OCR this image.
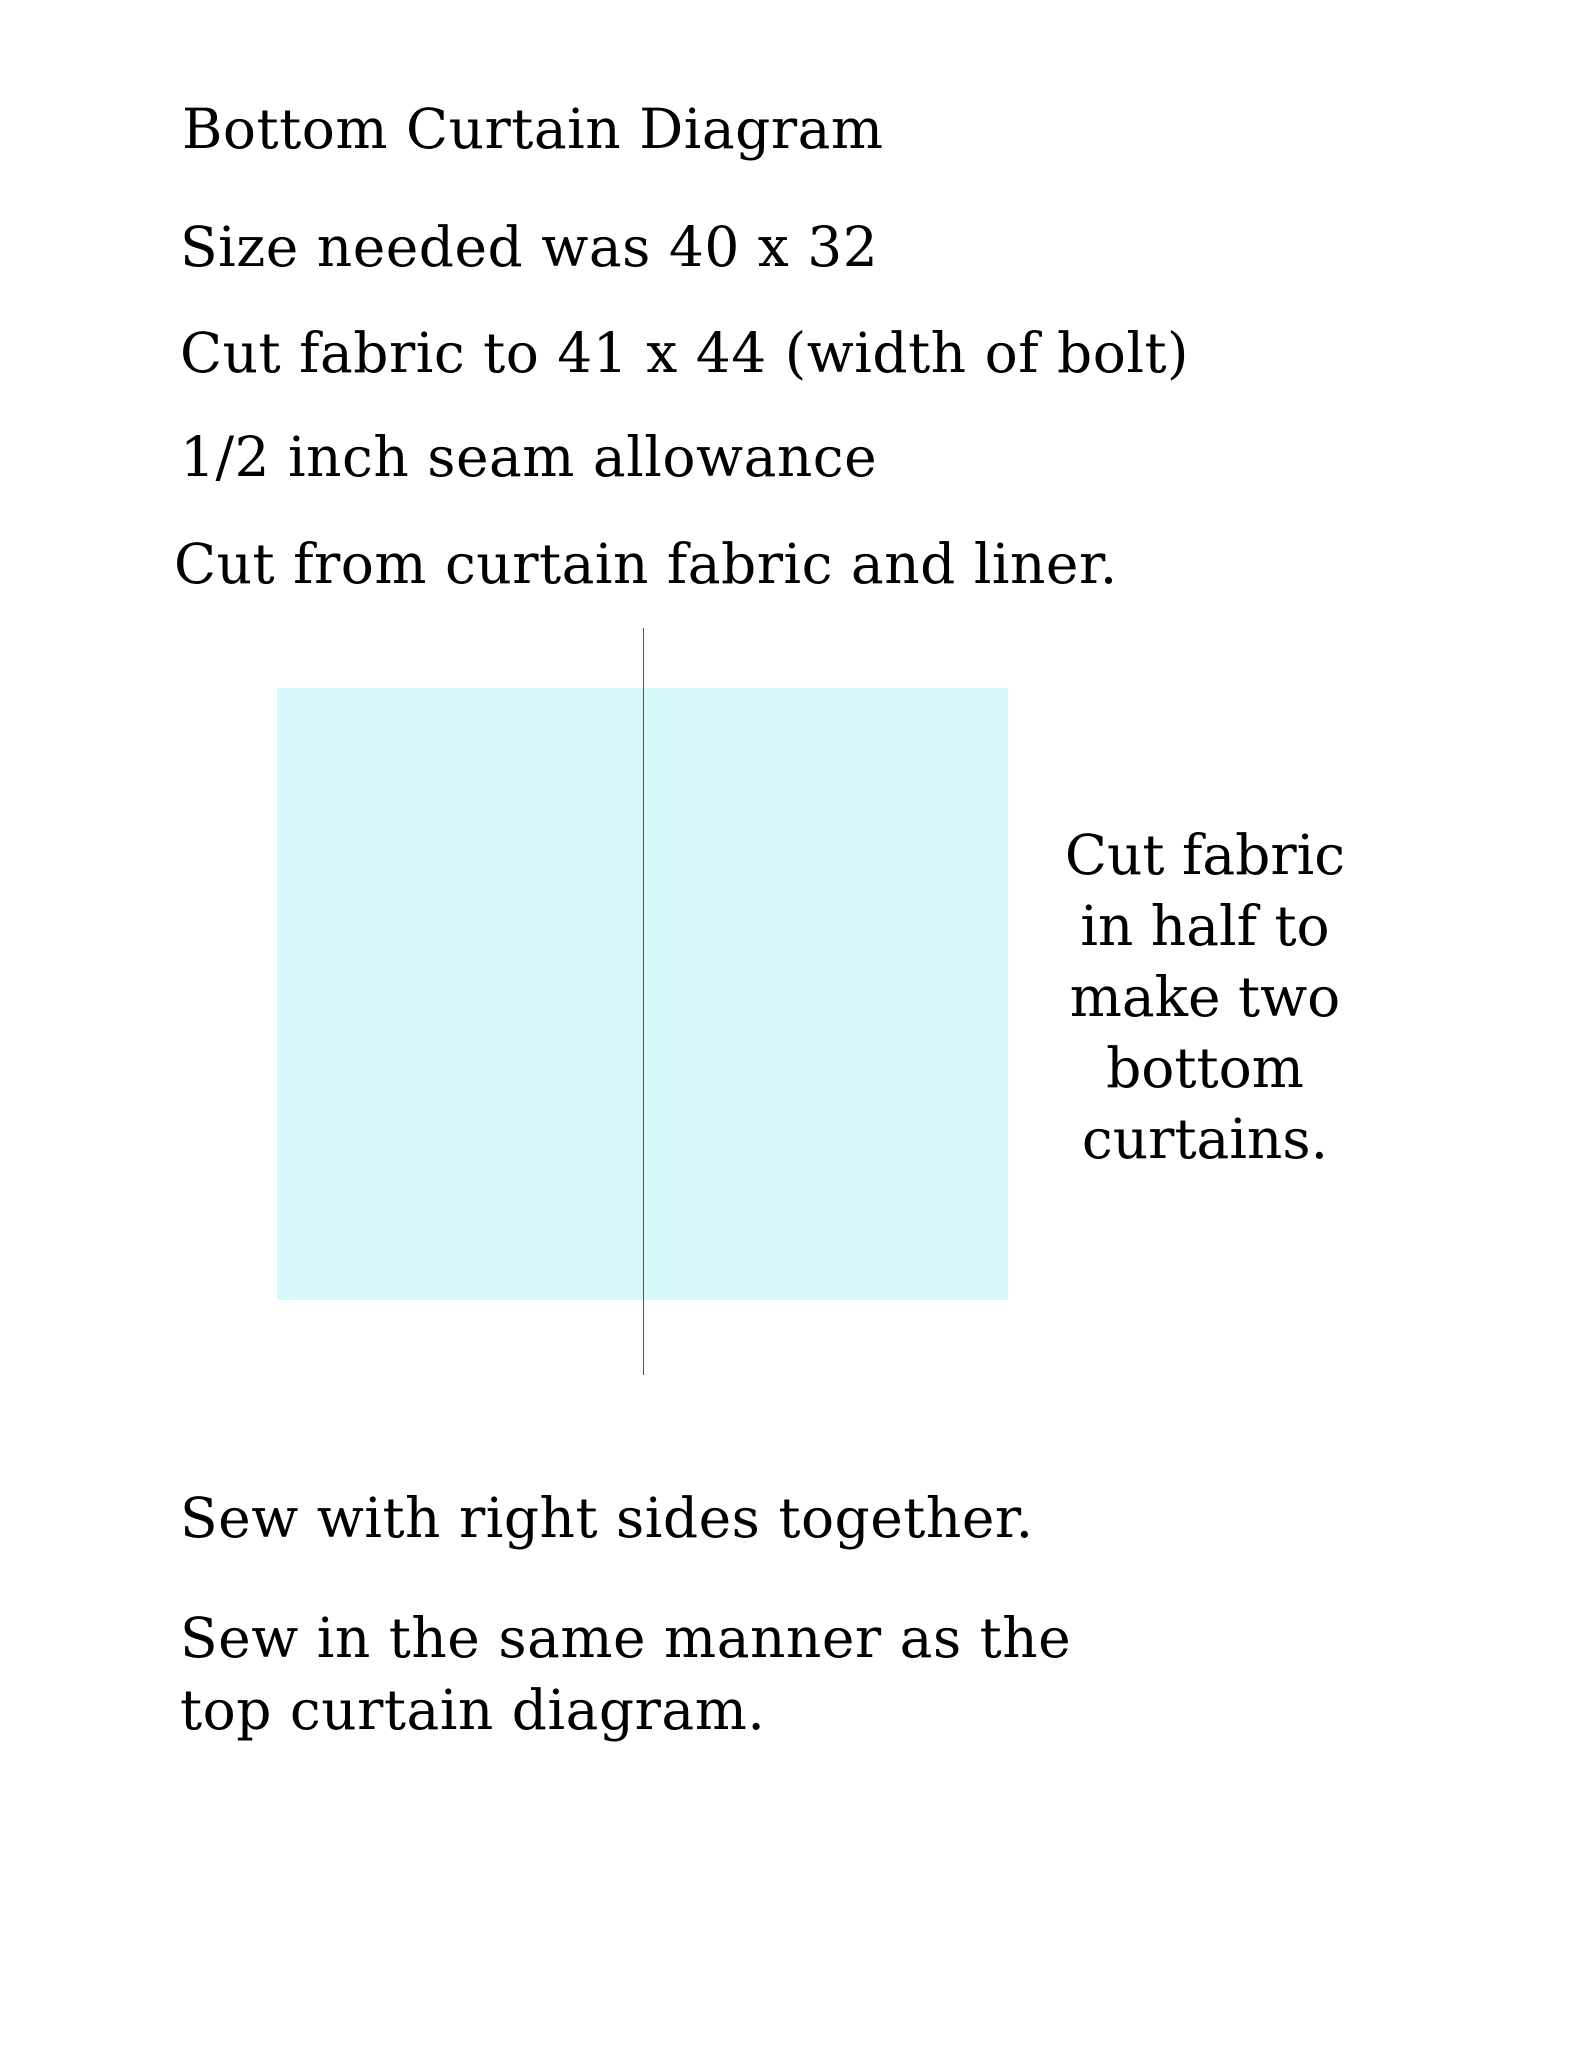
Bottom Curtain Diagram
Size needed was 40 x 32
Cut fabric to 41 x 44 (width of bolt)
1/2 inch seam allowance
Cut from curtain fabric and liner.
Cut fabric
in half to
make two
bottom
curtains.
Sew with right sides together.
Sew in the same manner as the
top curtain diagram.
